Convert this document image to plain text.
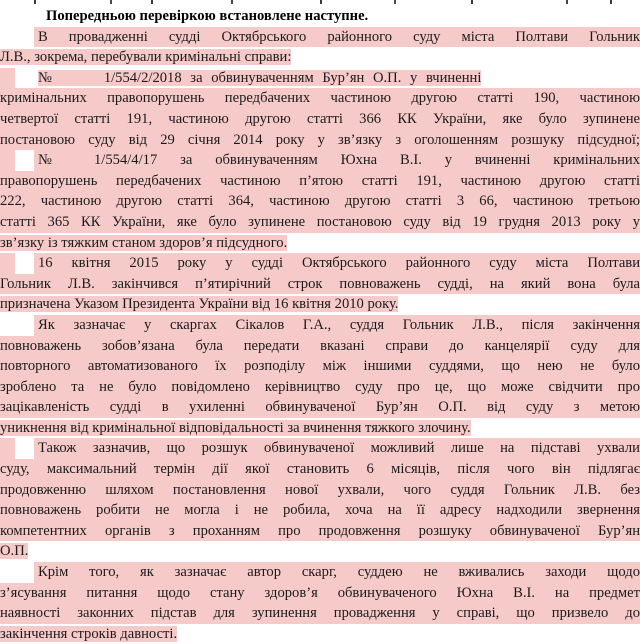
Попередньою перевіркою встановлене наступне.
В провадженні судді Октябрського районного суду міста Полтави Гольник
Л.В., зокрема, перебували кримінальні справи:
№      1/554/2/2018 за обвинуваченням Бур’ян О.П. у вчиненні
кримінальних правопорушень передбачених частиною другою статті 190, частиною
четвертої статті 191, частиною другою статті 366 КК України, яке було зупинене
постановою суду від 29 січня 2014 року у зв’язку з оголошенням розшуку підсудної;
№ 1/554/4/17 за обвинуваченням Юхна В.І. у вчиненні кримінальних
правопорушень передбачених частиною п’ятою статті 191, частиною другою статті
222, частиною другою статті 364, частиною другою статті 3 66, частиною третьою
статті 365 КК України, яке було зупинене постановою суду від 19 грудня 2013 року у
зв’язку із тяжким станом здоров’я підсудного.
16 квітня 2015 року у судді Октябрського районного суду міста Полтави
Гольник Л.В. закінчився п’ятирічний строк повноважень судді, на який вона була
призначена Указом Президента України від 16 квітня 2010 року.
Як зазначає у скаргах Сікалов Г.А., суддя Гольник Л.В., після закінчення
повноважень зобов’язана була передати вказані справи до канцелярії суду для
повторного автоматизованого їх розподілу між іншими суддями, що нею не було
зроблено та не було повідомлено керівництво суду про це, що може свідчити про
зацікавленість судді в ухиленні обвинуваченої Бур’ян О.П. від суду з метою
уникнення від кримінальної відповідальності за вчинення тяжкого злочину.
Також зазначив, що розшук обвинуваченої можливий лише на підставі ухвали
суду, максимальний термін дії якої становить 6 місяців, після чого він підлягає
продовженню шляхом постановлення нової ухвали, чого суддя Гольник Л.В. без
повноважень робити не могла і не робила, хоча на її адресу надходили звернення
компетентних органів з проханням про продовження розшуку обвинуваченої Бур’ян
О.П.
Крім того, як зазначає автор скарг, суддею не вживались заходи щодо
з’ясування питання щодо стану здоров’я обвинуваченого Юхна В.І. на предмет
наявності законних підстав для зупинення провадження у справі, що призвело до
закінчення строків давності.
